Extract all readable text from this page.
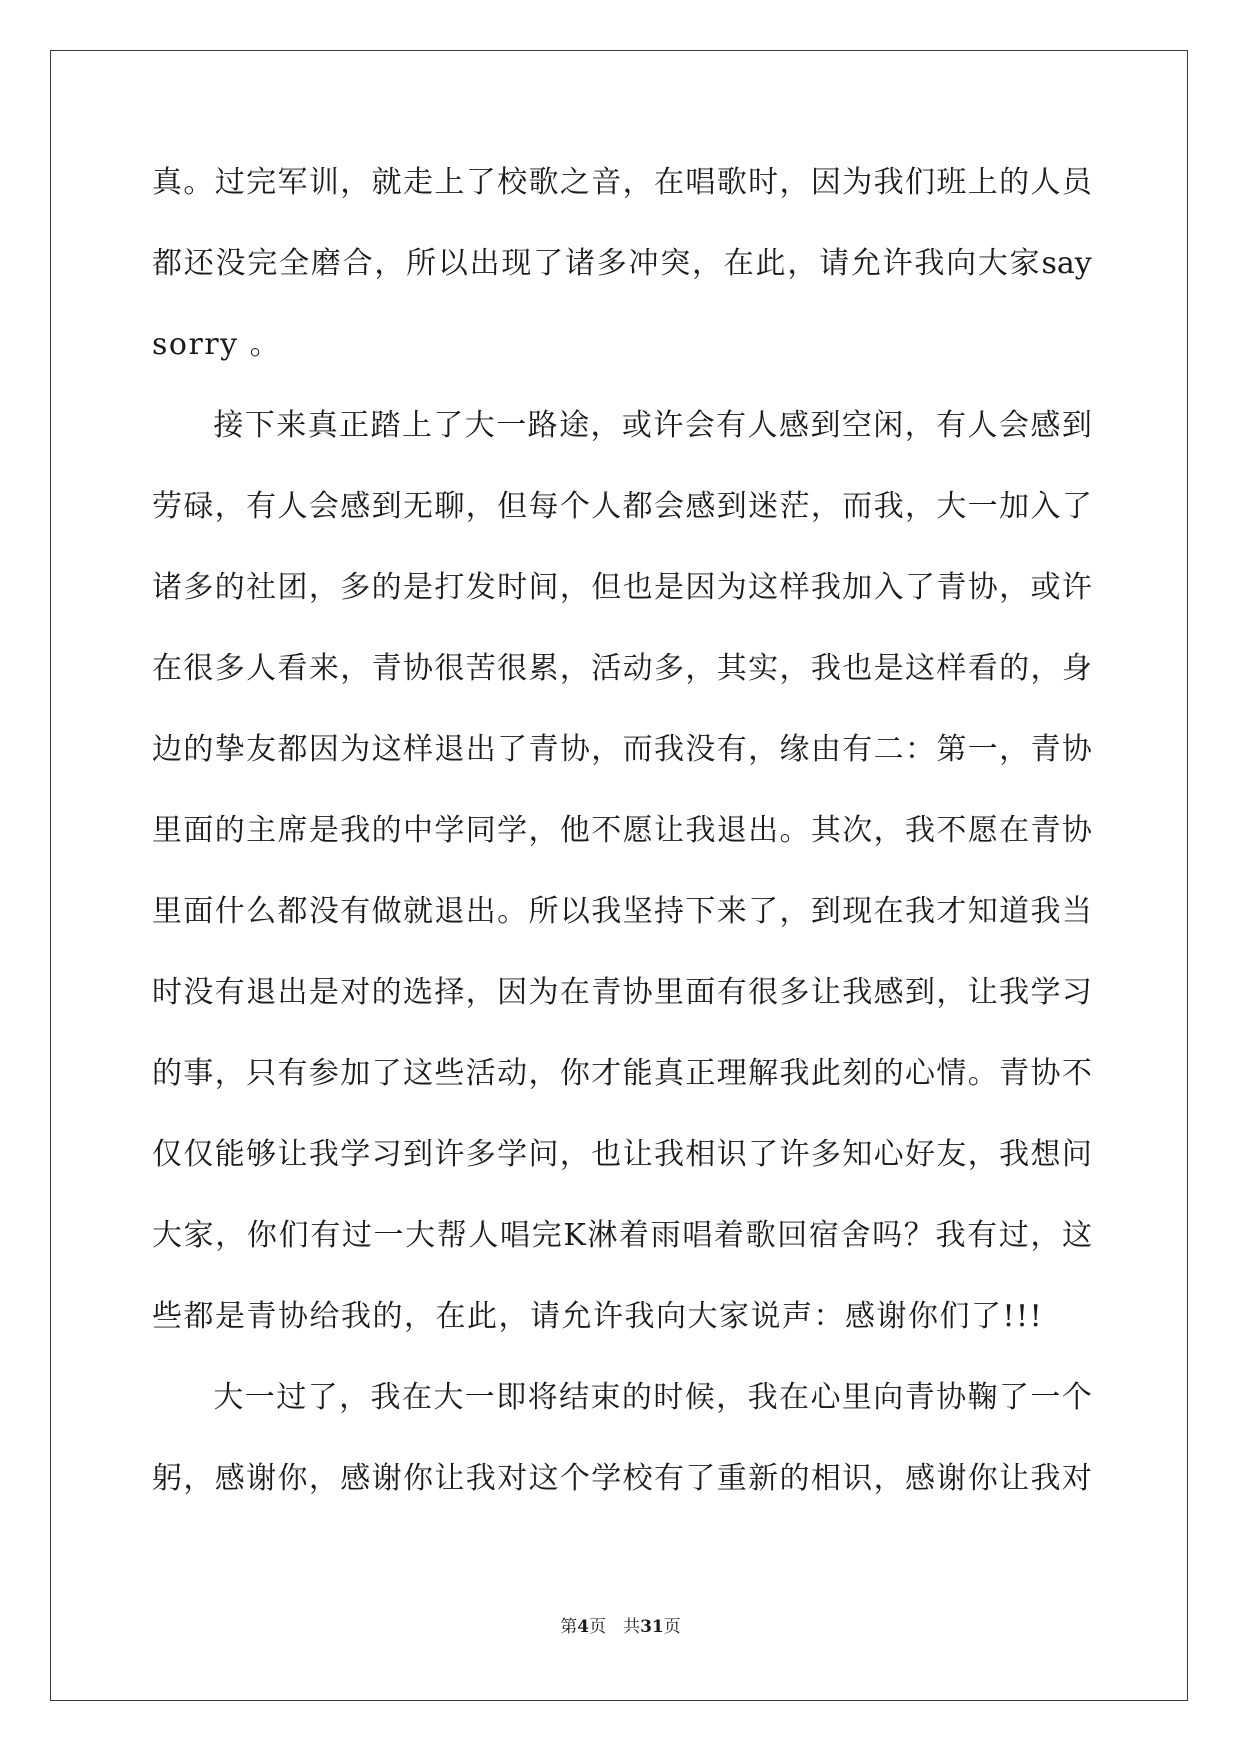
真 。 过 完 军 训 ， 就 走 上 了 校 歌 之 音 ， 在 唱 歌 时 ， 因 为 我 们 班 上 的 人 员
都 还 没 完 全 磨 合 ， 所 以 出 现 了 诸 多 冲 突 ， 在 此 ， 请 允 许 我 向 大 家 say
sorry 。

接 下 来 真 正 踏 上 了 大 一 路 途 ， 或 许 会 有 人 感 到 空 闲 ， 有 人 会 感 到
劳 碌 ， 有 人 会 感 到 无 聊 ， 但 每 个 人 都 会 感 到 迷 茫 ， 而 我 ， 大 一 加 入 了
诸 多 的 社 团 ， 多 的 是 打 发 时 间 ， 但 也 是 因 为 这 样 我 加 入 了 青 协 ， 或 许
在 很 多 人 看 来 ， 青 协 很 苦 很 累 ， 活 动 多 ， 其 实 ， 我 也 是 这 样 看 的 ， 身
边 的 挚 友 都 因 为 这 样 退 出 了 青 协 ， 而 我 没 有 ， 缘 由 有 二 ： 第 一 ， 青 协
里 面 的 主 席 是 我 的 中 学 同 学 ， 他 不 愿 让 我 退 出 。 其 次 ， 我 不 愿 在 青 协
里 面 什 么 都 没 有 做 就 退 出 。 所 以 我 坚 持 下 来 了 ， 到 现 在 我 才 知 道 我 当
时 没 有 退 出 是 对 的 选 择 ， 因 为 在 青 协 里 面 有 很 多 让 我 感 到 ， 让 我 学 习
的 事 ， 只 有 参 加 了 这 些 活 动 ， 你 才 能 真 正 理 解 我 此 刻 的 心 情 。 青 协 不
仅 仅 能 够 让 我 学 习 到 许 多 学 问 ， 也 让 我 相 识 了 许 多 知 心 好 友 ， 我 想 问
大 家 ， 你 们 有 过 一 大 帮 人 唱 完 K 淋 着 雨 唱 着 歌 回 宿 舍 吗 ？ 我 有 过 ， 这
些都是青协给我的，在此，请允许我向大家说声：感谢你们了!!!

大 一 过 了 ， 我 在 大 一 即 将 结 束 的 时 候 ， 我 在 心 里 向 青 协 鞠 了 一 个
躬 ， 感 谢 你 ， 感 谢 你 让 我 对 这 个 学 校 有 了 重 新 的 相 识 ， 感 谢 你 让 我 对
第4页　共31页
